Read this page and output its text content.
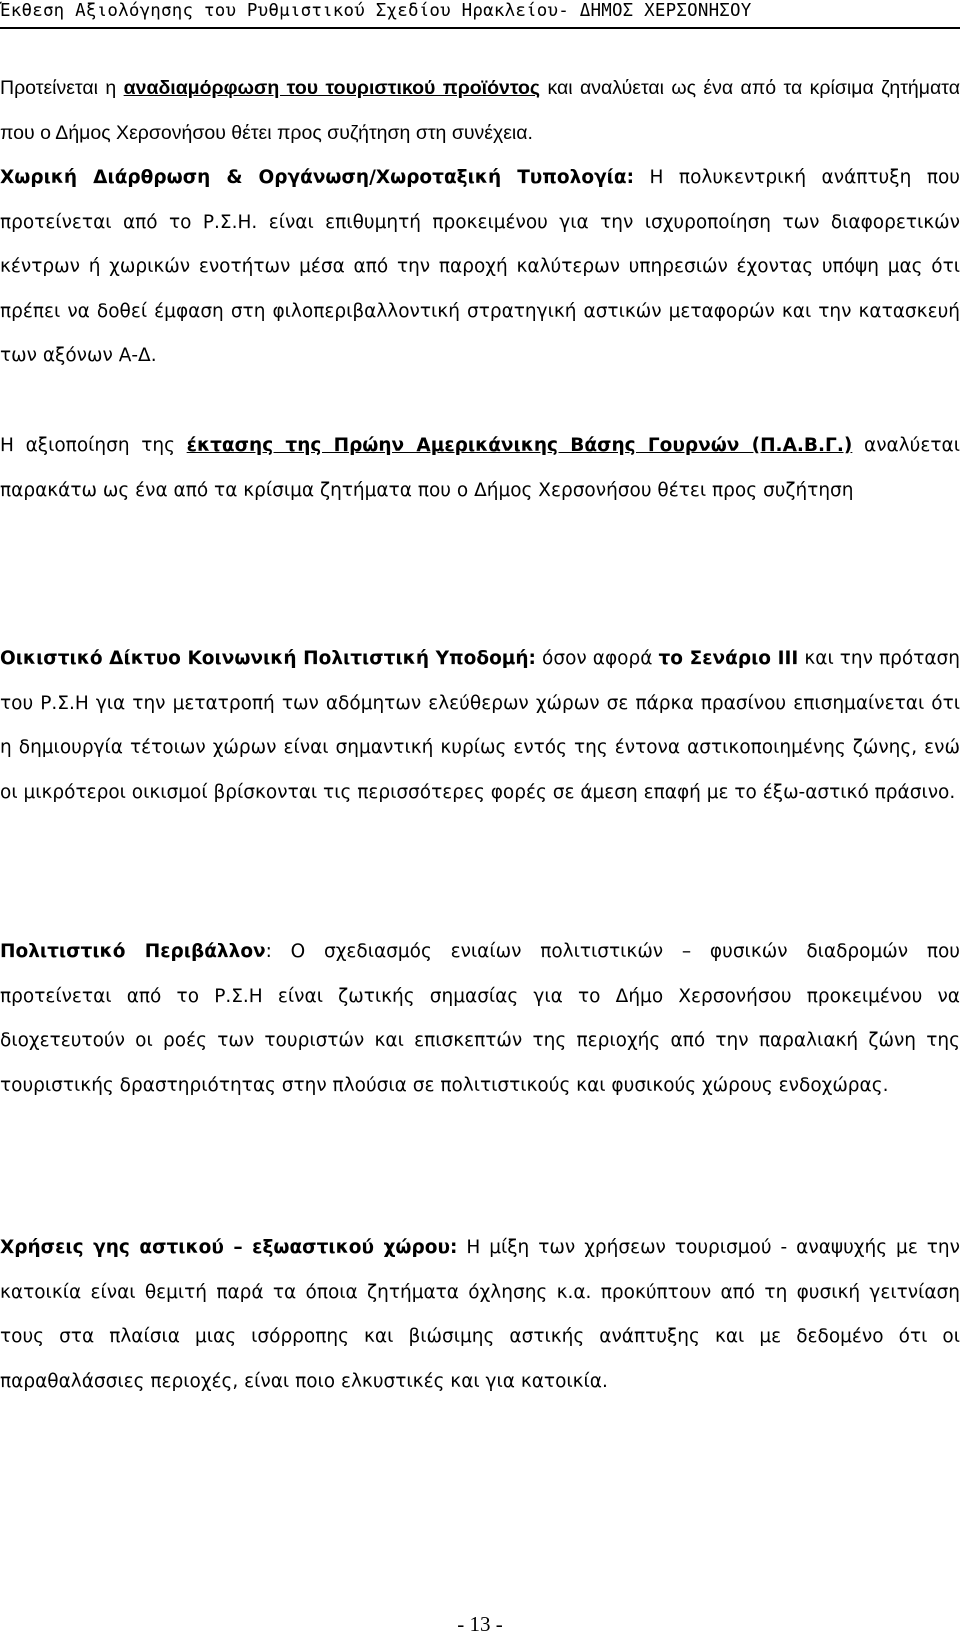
Έκθεση Αξιολόγησης του Ρυθμιστικού Σχεδίου Ηρακλείου- ΔΗΜΟΣ ΧΕΡΣΟΝΗΣΟΥ

Προτείνεται η αναδιαμόρφωση του τουριστικού προϊόντος και αναλύεται ως ένα από τα κρίσιμα ζητήματα που ο Δήμος Χερσονήσου θέτει προς συζήτηση στη συνέχεια.

Χωρική Διάρθρωση & Οργάνωση/Χωροταξική Τυπολογία: Η πολυκεντρική ανάπτυξη που προτείνεται από το Ρ.Σ.Η. είναι επιθυμητή προκειμένου για την ισχυροποίηση των διαφορετικών κέντρων ή χωρικών ενοτήτων μέσα από την παροχή καλύτερων υπηρεσιών έχοντας υπόψη μας ότι πρέπει να δοθεί έμφαση στη φιλοπεριβαλλοντική στρατηγική αστικών μεταφορών και την κατασκευή των αξόνων Α-Δ.

Η αξιοποίηση της έκτασης της Πρώην Αμερικάνικης Βάσης Γουρνών (Π.Α.Β.Γ.) αναλύεται παρακάτω ως ένα από τα κρίσιμα ζητήματα που ο Δήμος Χερσονήσου θέτει προς συζήτηση

Οικιστικό Δίκτυο Κοινωνική Πολιτιστική Υποδομή: όσον αφορά το Σενάριο ΙΙΙ και την πρόταση του Ρ.Σ.Η για την μετατροπή των αδόμητων ελεύθερων χώρων σε πάρκα πρασίνου επισημαίνεται ότι η δημιουργία τέτοιων χώρων είναι σημαντική κυρίως εντός της έντονα αστικοποιημένης ζώνης, ενώ οι μικρότεροι οικισμοί βρίσκονται τις περισσότερες φορές σε άμεση επαφή με το έξω-αστικό πράσινο.

Πολιτιστικό Περιβάλλον: Ο σχεδιασμός ενιαίων πολιτιστικών – φυσικών διαδρομών που προτείνεται από το Ρ.Σ.Η είναι ζωτικής σημασίας για το Δήμο Χερσονήσου προκειμένου να διοχετευτούν οι ροές των τουριστών και επισκεπτών της περιοχής από την παραλιακή ζώνη της τουριστικής δραστηριότητας στην πλούσια σε πολιτιστικούς και φυσικούς χώρους ενδοχώρας.

Χρήσεις γης αστικού – εξωαστικού χώρου: Η μίξη των χρήσεων τουρισμού - αναψυχής με την κατοικία είναι θεμιτή παρά τα όποια ζητήματα όχλησης κ.α. προκύπτουν από τη φυσική γειτνίαση τους στα πλαίσια μιας ισόρροπης και βιώσιμης αστικής ανάπτυξης και με δεδομένο ότι οι παραθαλάσσιες περιοχές, είναι ποιο ελκυστικές και για κατοικία.

- 13 -
